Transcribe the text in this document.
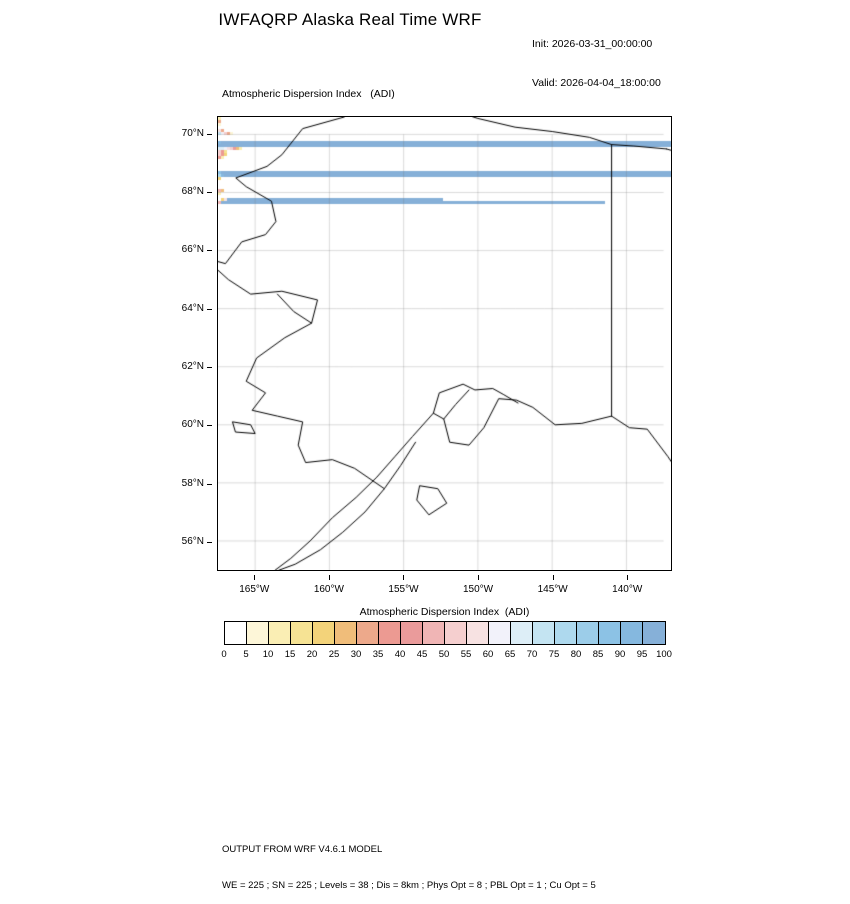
IWFAQRP Alaska Real Time WRF

Init: 2026-03-31_00:00:00

Valid: 2026-04-04_18:00:00

Atmospheric Dispersion Index   (ADI)
70°N
68°N
66°N
64°N
62°N
60°N
58°N
56°N
165°W	160°W	155°W	150°W	145°W	140°W
Atmospheric Dispersion Index  (ADI)
0	5	10	15	20	25	30	35	40	45	50	55	60	65	70	75	80	85	90	95 100

OUTPUT FROM WRF V4.6.1 MODEL

WE = 225 ; SN = 225 ; Levels = 38 ; Dis = 8km ; Phys Opt = 8 ; PBL Opt = 1 ; Cu Opt = 5
